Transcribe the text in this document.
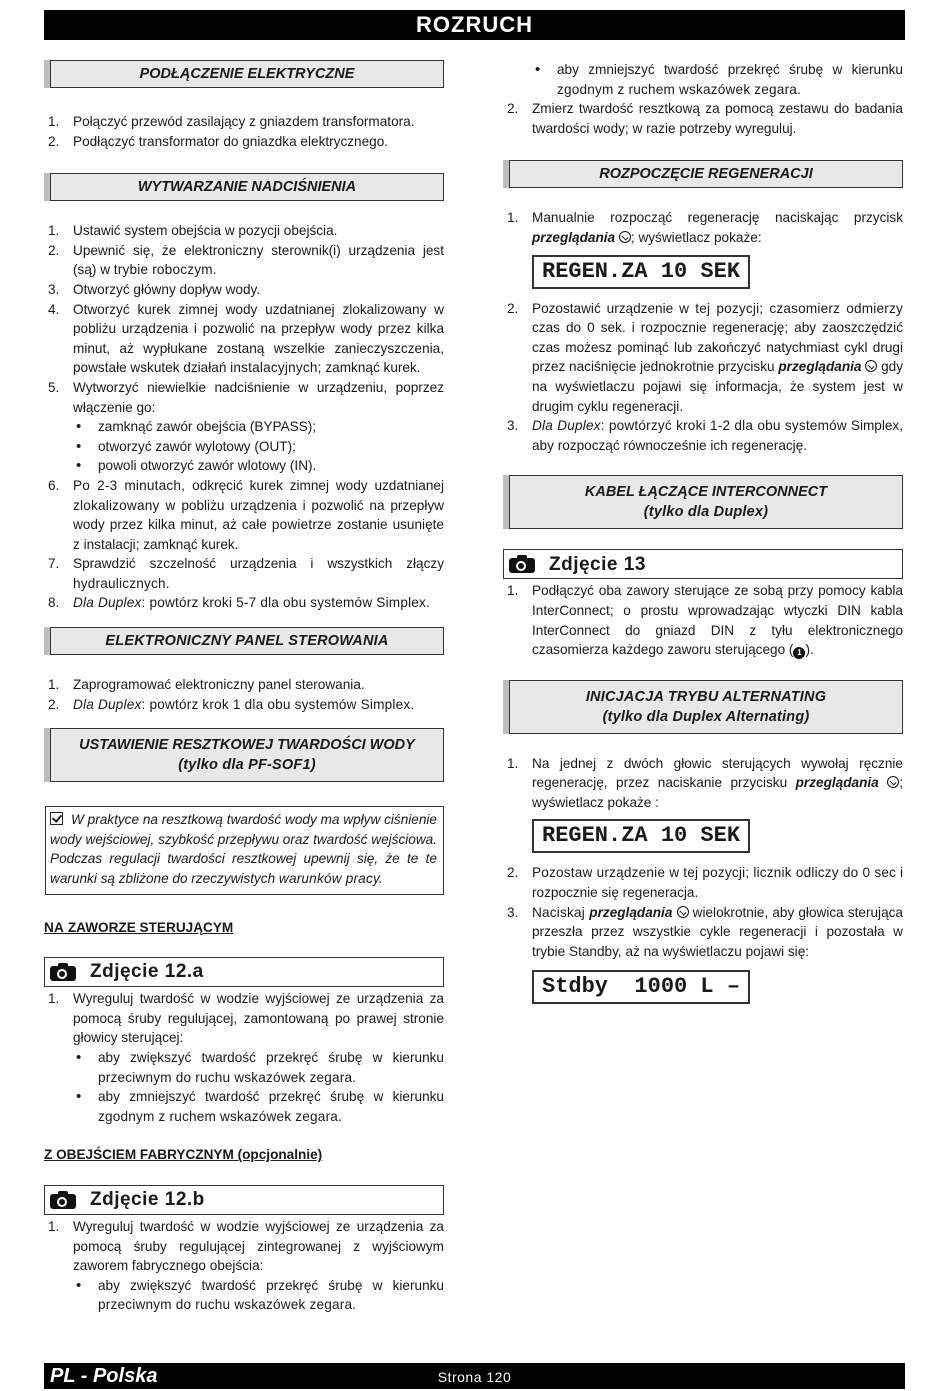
ROZRUCH
PODŁĄCZENIE ELEKTRYCZNE
1. Połączyć przewód zasilający z gniazdem transformatora.
2. Podłączyć transformator do gniazdka elektrycznego.
WYTWARZANIE NADCIŚNIENIA
1. Ustawić system obejścia w pozycji obejścia.
2. Upewnić się, że elektroniczny sterownik(i) urządzenia jest (są) w trybie roboczym.
3. Otworzyć główny dopływ wody.
4. Otworzyć kurek zimnej wody uzdatnianej zlokalizowany w pobliżu urządzenia i pozwolić na przepływ wody przez kilka minut, aż wypłukane zostaną wszelkie zanieczyszczenia, powstałe wskutek działań instalacyjnych; zamknąć kurek.
5. Wytworzyć niewielkie nadciśnienie w urządzeniu, poprzez włączenie go:
• zamknąć zawór obejścia (BYPASS);
• otworzyć zawór wylotowy (OUT);
• powoli otworzyć zawór wlotowy (IN).
6. Po 2-3 minutach, odkręcić kurek zimnej wody uzdatnianej zlokalizowany w pobliżu urządzenia i pozwolić na przepływ wody przez kilka minut, aż całe powietrze zostanie usunięte z instalacji; zamknąć kurek.
7. Sprawdzić szczelność urządzenia i wszystkich złączy hydraulicznych.
8. Dla Duplex: powtórz kroki 5-7 dla obu systemów Simplex.
ELEKTRONICZNY PANEL STEROWANIA
1. Zaprogramować elektroniczny panel sterowania.
2. Dla Duplex: powtórz krok 1 dla obu systemów Simplex.
USTAWIENIE RESZTKOWEJ TWARDOŚCI WODY
(tylko dla PF-SOF1)
W praktyce na resztkową twardość wody ma wpływ ciśnienie wody wejściowej, szybkość przepływu oraz twardość wejściowa. Podczas regulacji twardości resztkowej upewnij się, że te te warunki są zbliżone do rzeczywistych warunków pracy.
NA ZAWORZE STERUJĄCYM
Zdjęcie 12.a
1. Wyreguluj twardość w wodzie wyjściowej ze urządzenia za pomocą śruby regulującej, zamontowaną po prawej stronie głowicy sterującej:
• aby zwiększyć twardość przekręć śrubę w kierunku przeciwnym do ruchu wskazówek zegara.
• aby zmniejszyć twardość przekręć śrubę w kierunku zgodnym z ruchem wskazówek zegara.
Z OBEJŚCIEM FABRYCZNYM (opcjonalnie)
Zdjęcie 12.b
1. Wyreguluj twardość w wodzie wyjściowej ze urządzenia za pomocą śruby regulującej zintegrowanej z wyjściowym zaworem fabrycznego obejścia:
• aby zwiększyć twardość przekręć śrubę w kierunku przeciwnym do ruchu wskazówek zegara.
• aby zmniejszyć twardość przekręć śrubę w kierunku zgodnym z ruchem wskazówek zegara.
2. Zmierz twardość resztkową za pomocą zestawu do badania twardości wody; w razie potrzeby wyreguluj.
ROZPOCZĘCIE REGENERACJI
1. Manualnie rozpocząć regenerację naciskając przycisk przeglądania ; wyświetlacz pokaże:
REGEN.ZA 10 SEK
2. Pozostawić urządzenie w tej pozycji; czasomierz odmierzy czas do 0 sek. i rozpocznie regenerację; aby zaoszczędzić czas możesz pominąć lub zakończyć natychmiast cykl drugi przez naciśnięcie jednokrotnie przycisku przeglądania  gdy na wyświetlaczu pojawi się informacja, że system jest w drugim cyklu regeneracji.
3. Dla Duplex: powtórzyć kroki 1-2 dla obu systemów Simplex, aby rozpocząć równocześnie ich regenerację.
KABEL ŁĄCZĄCE INTERCONNECT
(tylko dla Duplex)
Zdjęcie 13
1. Podłączyć oba zawory sterujące ze sobą przy pomocy kabla InterConnect; o prostu wprowadzając wtyczki DIN kabla InterConnect do gniazd DIN z tyłu elektronicznego czasomierza każdego zaworu sterującego ( 1 ).
INICJACJA TRYBU ALTERNATING
(tylko dla Duplex Alternating)
1. Na jednej z dwóch głowic sterujących wywołaj ręcznie regenerację, przez naciskanie przycisku przeglądania ; wyświetlacz pokaże :
REGEN.ZA 10 SEK
2. Pozostaw urządzenie w tej pozycji; licznik odliczy do 0 sec i rozpocznie się regeneracja.
3. Naciskaj przeglądania  wielokrotnie, aby głowica sterująca przeszła przez wszystkie cykle regeneracji i pozostała w trybie Standby, aż na wyświetlaczu pojawi się:
Stdby  1000 L –
PL - Polska	Strona 120
